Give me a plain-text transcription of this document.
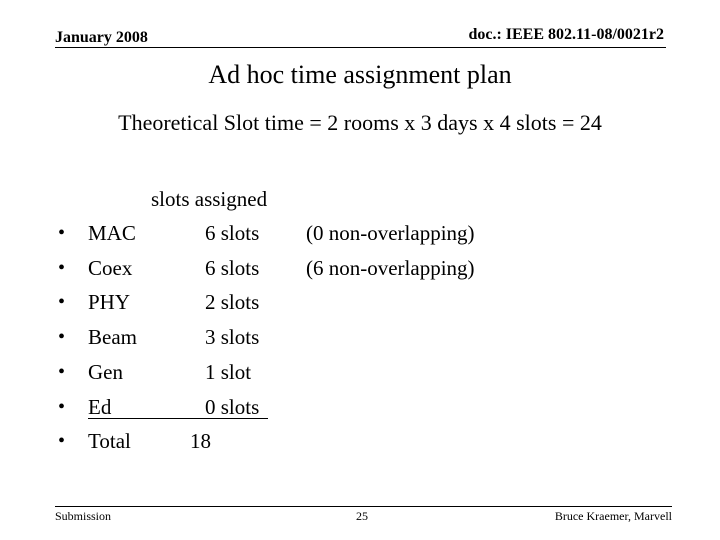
January 2008	doc.: IEEE 802.11-08/0021r2
Ad hoc time assignment plan
Theoretical Slot time = 2 rooms x 3 days x 4 slots = 24
slots assigned
• MAC	6 slots (0 non-overlapping)
• Coex	6 slots (6 non-overlapping)
• PHY	2 slots
• Beam	3 slots
• Gen	1 slot
• Ed	0 slots
• Total	18
Submission	25	Bruce Kraemer, Marvell
